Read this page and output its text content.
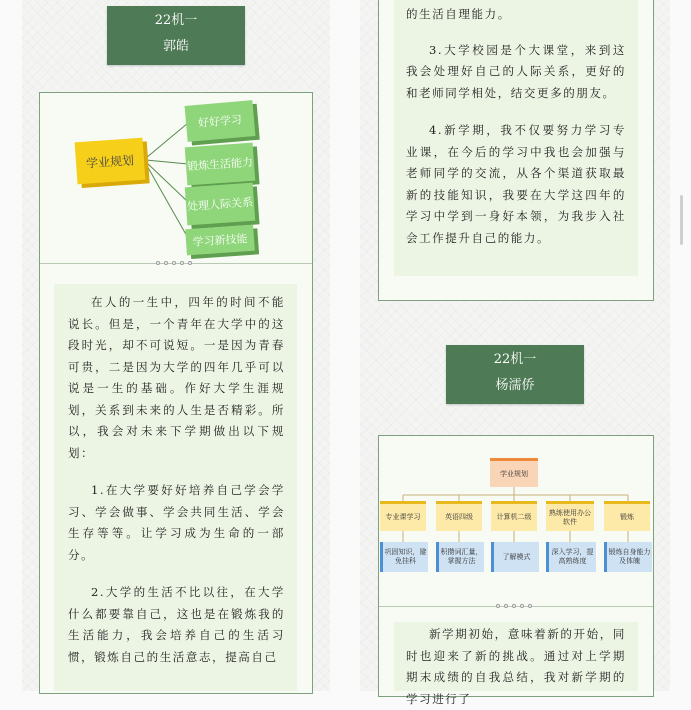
22机一
郭皓
学业规划
好好学习
锻炼生活能力
处理人际关系
学习新技能

在人的一生中，四年的时间不能说长。但是，一个青年在大学中的这段时光，却不可说短。一是因为青春可贵，二是因为大学的四年几乎可以说是一生的基础。作好大学生涯规划，关系到未来的人生是否精彩。所以，我会对未来下学期做出以下规划：

1.在大学要好好培养自己学会学习、学会做事、学会共同生活、学会生存等等。让学习成为生命的一部分。

2.大学的生活不比以往，在大学什么都要靠自己，这也是在锻炼我的生活能力，我会培养自己的生活习惯，锻炼自己的生活意志，提高自己

的生活自理能力。

3.大学校园是个大课堂，来到这我会处理好自己的人际关系，更好的和老师同学相处，结交更多的朋友。

4.新学期，我不仅要努力学习专业课，在今后的学习中我也会加强与老师同学的交流，从各个渠道获取最新的技能知识，我要在大学这四年的学习中学到一身好本领，为我步入社会工作提升自己的能力。

22机一
杨濡侨
学业规划
专业课学习	英语四级	计算机二级
熟练使用办公软件
锻炼
巩固知识，避免挂科
积攒词汇量，掌握方法
了解模式
深入学习，提高熟练度
锻炼自身能力及体魄

新学期初始，意味着新的开始，同时也迎来了新的挑战。通过对上学期期末成绩的自我总结，我对新学期的学习进行了
